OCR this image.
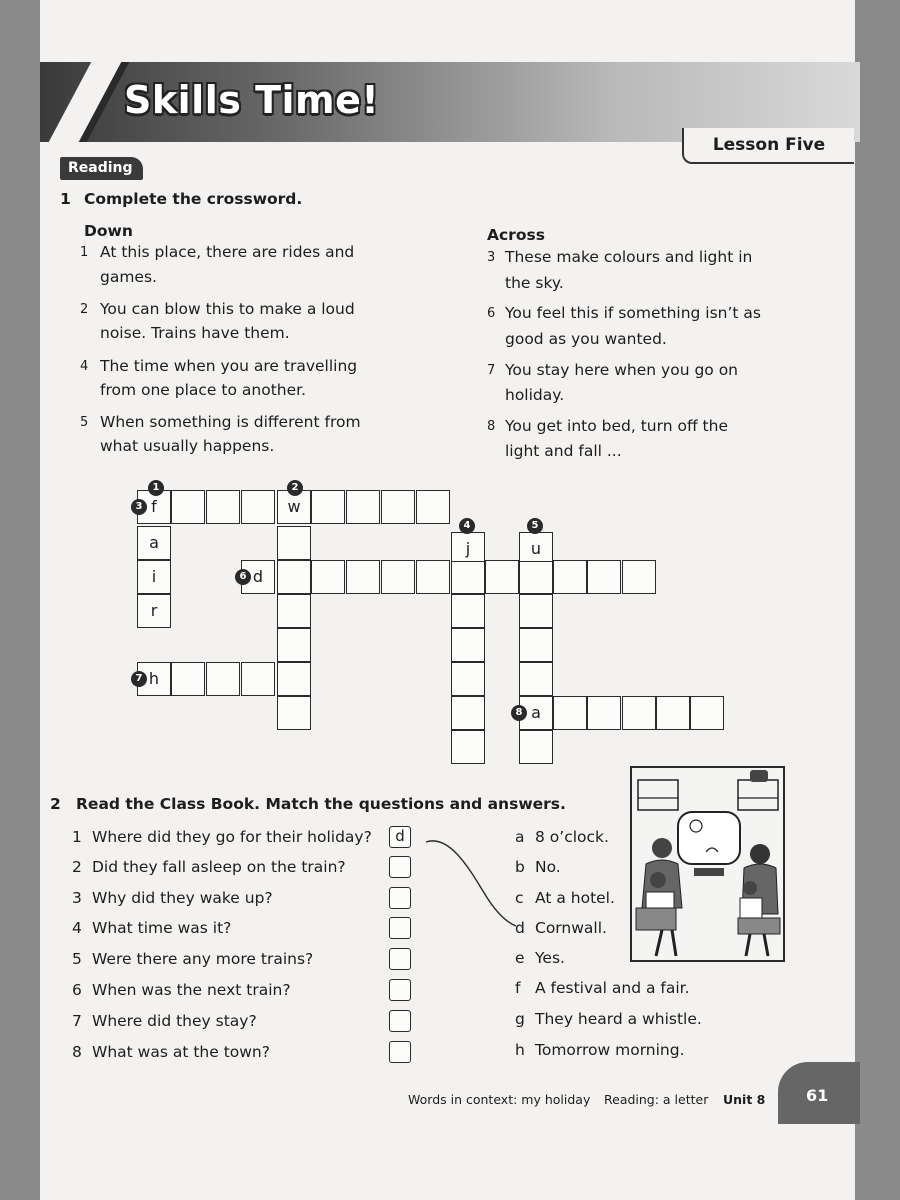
Skills Time!
Lesson Five
Reading
1 Complete the crossword.
Down	Across
1 At this place, there are rides and
games.
2 You can blow this to make a loud
noise. Trains have them.
4 The time when you are travelling
from one place to another.
5 When something is different from
what usually happens.
3 These make colours and light in
the sky.
6 You feel this if something isn’t as
good as you wanted.
7 You stay here when you go on
holiday.
8 You get into bed, turn off the
light and fall ...
f	w
a
i
r
d
j	u
h
a
1	2
3
4	5
6
7
8
2 Read the Class Book. Match the questions and answers.
1 Where did they go for their holiday?
2 Did they fall asleep on the train?
3 Why did they wake up?
4 What time was it?
5 Were there any more trains?
6 When was the next train?
7 Where did they stay?
8 What was at the town?
d	a 8 o’clock.
b No.
c At a hotel.
d Cornwall.
e Yes.
f A festival and a fair.
g They heard a whistle.
h Tomorrow morning.
Words in context: my holiday Reading: a letter Unit 8	61
